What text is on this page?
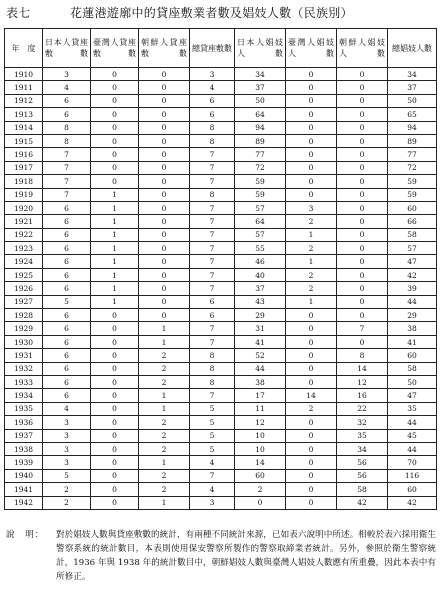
表七	花蓮港遊廓中的貸座敷業者數及娼妓人數（民族別）
年　度	日本人貸座敷數	臺灣人貸座敷數	朝鮮人貸座敷數	總貸座敷數	日本人娼妓人數	臺灣人娼妓人數	朝鮮人娼妓人數	總娼妓人數
1910	3	0	0	3	34	0	0	34
1911	4	0	0	4	37	0	0	37
1912	6	0	0	6	50	0	0	50
1913	6	0	0	6	64	0	0	65
1914	8	0	0	8	94	0	0	94
1915	8	0	0	8	89	0	0	89
1916	7	0	0	7	77	0	0	77
1917	7	0	0	7	72	0	0	72
1918	7	0	0	7	59	0	0	59
1919	7	1	0	8	59	0	0	59
1920	6	1	0	7	57	3	0	60
1921	6	1	0	7	64	2	0	66
1922	6	1	0	7	57	1	0	58
1923	6	1	0	7	55	2	0	57
1924	6	1	0	7	46	1	0	47
1925	6	1	0	7	40	2	0	42
1926	6	1	0	7	37	2	0	39
1927	5	1	0	6	43	1	0	44
1928	6	0	0	6	29	0	0	29
1929	6	0	1	7	31	0	7	38
1930	6	0	1	7	41	0	0	41
1931	6	0	2	8	52	0	8	60
1932	6	0	2	8	44	0	14	58
1933	6	0	2	8	38	0	12	50
1934	6	0	1	7	17	14	16	47
1935	4	0	1	5	11	2	22	35
1936	3	0	2	5	12	0	32	44
1937	3	0	2	5	10	0	35	45
1938	3	0	2	5	10	0	34	44
1939	3	0	1	4	14	0	56	70
1940	5	0	2	7	60	0	56	116
1941	2	0	2	4	2	0	58	60
1942	2	0	1	3	0	0	42	42
說　明：	對於娼妓人數與貸座敷數的統計，有兩種不同統計來源，已如表六說明中所述。相較於表六採用衛生警察系統的統計數目，本表則使用保安警察所製作的警察取締業者統計。另外，參照於衛生警察統計，1936 年與 1938 年的統計數目中，朝鮮娼妓人數與臺灣人娼妓人數應有所重疊，因此本表中有所修正。
